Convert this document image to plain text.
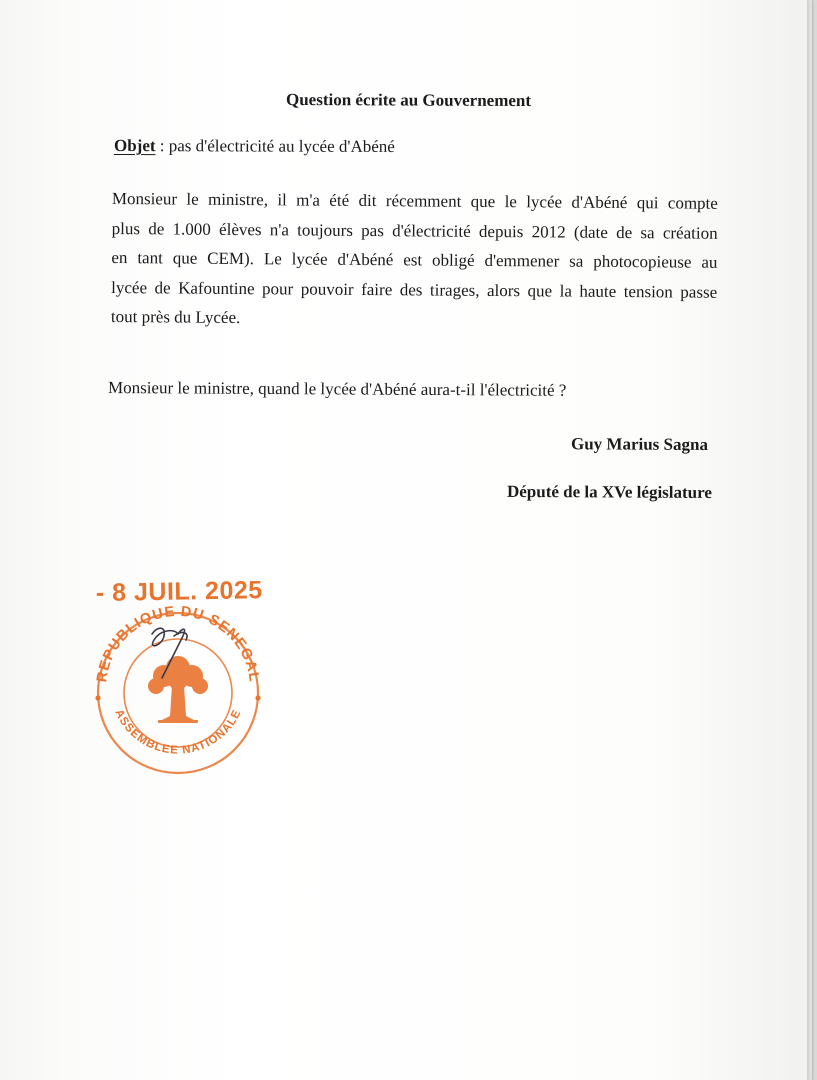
Question écrite au Gouvernement
Objet : pas d'électricité au lycée d'Abéné
Monsieur le ministre, il m'a été dit récemment que le lycée d'Abéné qui compte
plus de 1.000 élèves n'a toujours pas d'électricité depuis 2012 (date de sa création
en tant que CEM). Le lycée d'Abéné est obligé d'emmener sa photocopieuse au
lycée de Kafountine pour pouvoir faire des tirages, alors que la haute tension passe
tout près du Lycée.
Monsieur le ministre, quand le lycée d'Abéné aura-t-il l'électricité ?
Guy Marius Sagna
Député de la XVe législature
- 8 JUIL. 2025
REPUBLIQUE DU SENEGAL
ASSEMBLEE NATIONALE
